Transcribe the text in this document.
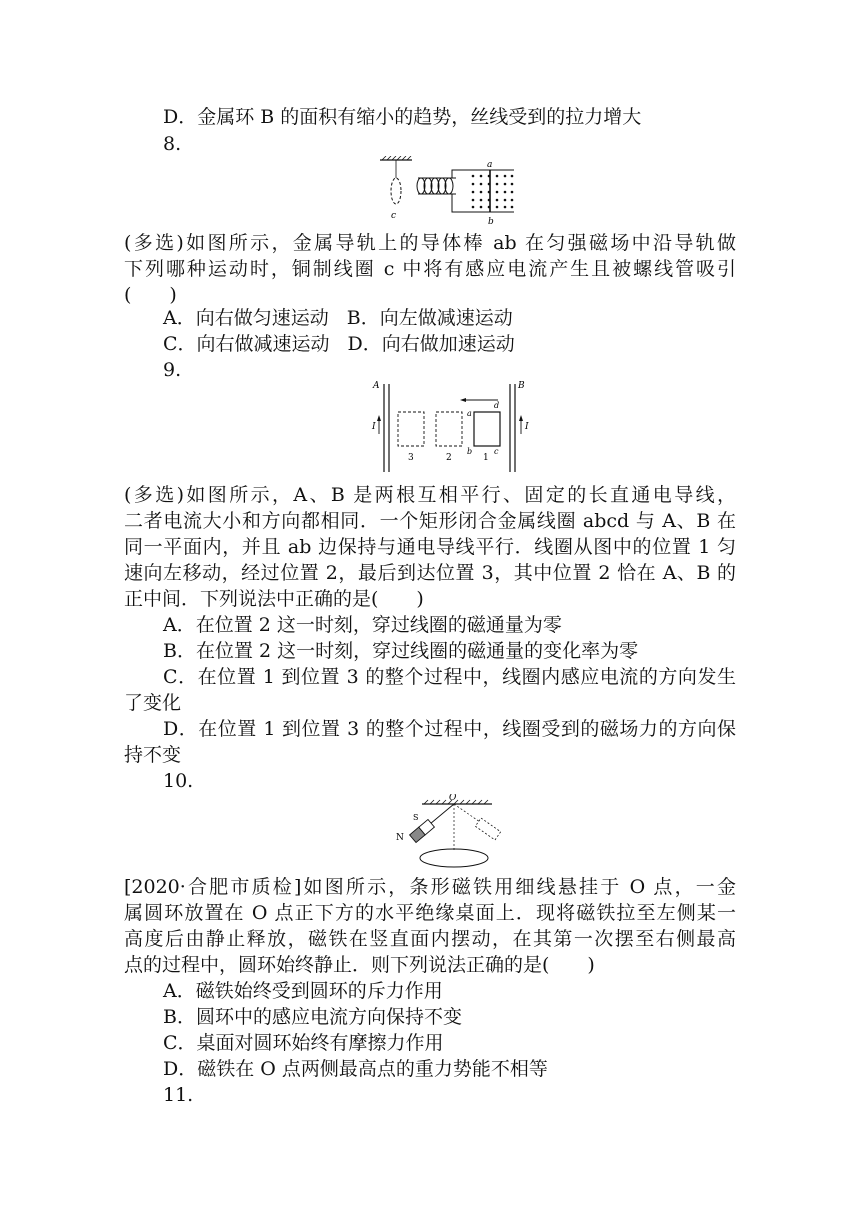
D．金属环 B 的面积有缩小的趋势，丝线受到的拉力增大
8.
c
a
b
(多选)如图所示，金属导轨上的导体棒 ab 在匀强磁场中沿导轨做
下列哪种运动时，铜制线圈 c 中将有感应电流产生且被螺线管吸引
(　　)
A．向右做匀速运动 B．向左做减速运动
C．向右做减速运动 D．向右做加速运动
9.
A
I
B
I
3	2
a
b	c
d
1
(多选)如图所示，A、B 是两根互相平行、固定的长直通电导线，
二者电流大小和方向都相同．一个矩形闭合金属线圈 abcd 与 A、B 在
同一平面内，并且 ab 边保持与通电导线平行．线圈从图中的位置 1 匀
速向左移动，经过位置 2，最后到达位置 3，其中位置 2 恰在 A、B 的
正中间．下列说法中正确的是(　　)
A．在位置 2 这一时刻，穿过线圈的磁通量为零
B．在位置 2 这一时刻，穿过线圈的磁通量的变化率为零
C．在位置 1 到位置 3 的整个过程中，线圈内感应电流的方向发生
了变化
D．在位置 1 到位置 3 的整个过程中，线圈受到的磁场力的方向保
持不变
10.
O
N
S
[2020·合肥市质检]如图所示，条形磁铁用细线悬挂于 O 点，一金
属圆环放置在 O 点正下方的水平绝缘桌面上．现将磁铁拉至左侧某一
高度后由静止释放，磁铁在竖直面内摆动，在其第一次摆至右侧最高
点的过程中，圆环始终静止．则下列说法正确的是(　　)
A．磁铁始终受到圆环的斥力作用
B．圆环中的感应电流方向保持不变
C．桌面对圆环始终有摩擦力作用
D．磁铁在 O 点两侧最高点的重力势能不相等
11.
